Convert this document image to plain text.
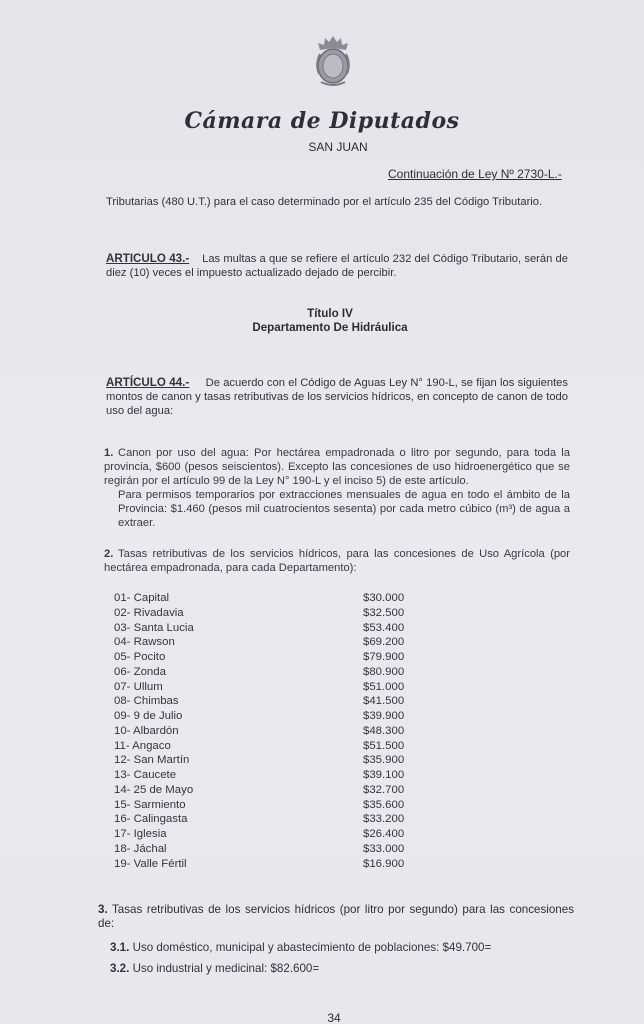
Cámara de Diputados
SAN JUAN
Continuación de Ley Nº 2730-L.-
Tributarias (480 U.T.) para el caso determinado por el artículo 235 del Código Tributario.
ARTICULO 43.- Las multas a que se refiere el artículo 232 del Código Tributario, serán de diez (10) veces el impuesto actualizado dejado de percibir.
Título IV
Departamento De Hidráulica
ARTÍCULO 44.- De acuerdo con el Código de Aguas Ley N° 190-L, se fijan los siguientes montos de canon y tasas retributivas de los servicios hídricos, en concepto de canon de todo uso del agua:
1. Canon por uso del agua: Por hectárea empadronada o litro por segundo, para toda la provincia, $600 (pesos seiscientos). Excepto las concesiones de uso hidroenergético que se regirán por el artículo 99 de la Ley N° 190-L y el inciso 5) de este artículo.
Para permisos temporarios por extracciones mensuales de agua en todo el ámbito de la Provincia: $1.460 (pesos mil cuatrocientos sesenta) por cada metro cúbico (m³) de agua a extraer.
2. Tasas retributivas de los servicios hídricos, para las concesiones de Uso Agrícola (por hectárea empadronada, para cada Departamento):
01- Capital	$30.000
02- Rivadavia	$32.500
03- Santa Lucia	$53.400
04- Rawson	$69.200
05- Pocito	$79.900
06- Zonda	$80.900
07- Ullum	$51.000
08- Chimbas	$41.500
09- 9 de Julio	$39.900
10- Albardón	$48.300
11- Angaco	$51.500
12- San Martín	$35.900
13- Caucete	$39.100
14- 25 de Mayo	$32.700
15- Sarmiento	$35.600
16- Calingasta	$33.200
17- Iglesia	$26.400
18- Jáchal	$33.000
19- Valle Fértil	$16.900
3. Tasas retributivas de los servicios hídricos (por litro por segundo) para las concesiones de:
3.1. Uso doméstico, municipal y abastecimiento de poblaciones: $49.700=
3.2. Uso industrial y medicinal: $82.600=
34
